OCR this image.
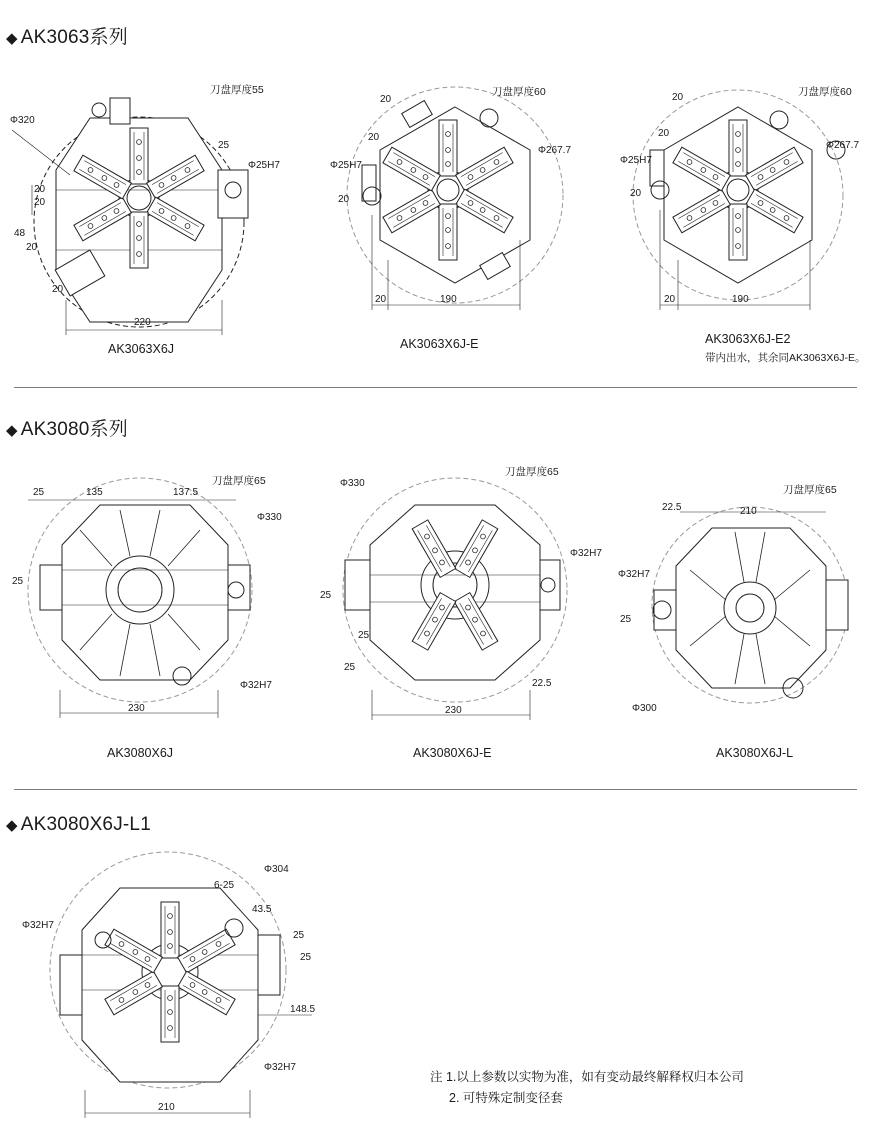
◆ AK3063系列
◆ AK3080系列
◆ AK3080X6J-L1
刀盘厚度55
AK3063X6J
Φ320
25
Φ25H7
20
20
48
20
20
220
刀盘厚度60
AK3063X6J-E
20
20
Φ25H7
20
Φ267.7
20	190
刀盘厚度60
AK3063X6J-E2
带内出水，其余同AK3063X6J-E。
20
20
Φ25H7
20
Φ267.7
20	190
刀盘厚度65
AK3080X6J
25	135	137.5
Φ330
25
Φ32H7
230
刀盘厚度65
AK3080X6J-E
Φ330
Φ32H7
25
25
25
22.5
230
刀盘厚度65
AK3080X6J-L
22.5	210
Φ32H7
25
Φ300
Φ304
6-25
43.5
Φ32H7
25
25
148.5
Φ32H7
210
注 1.以上参数以实物为准，如有变动最终解释权归本公司
2. 可特殊定制变径套
